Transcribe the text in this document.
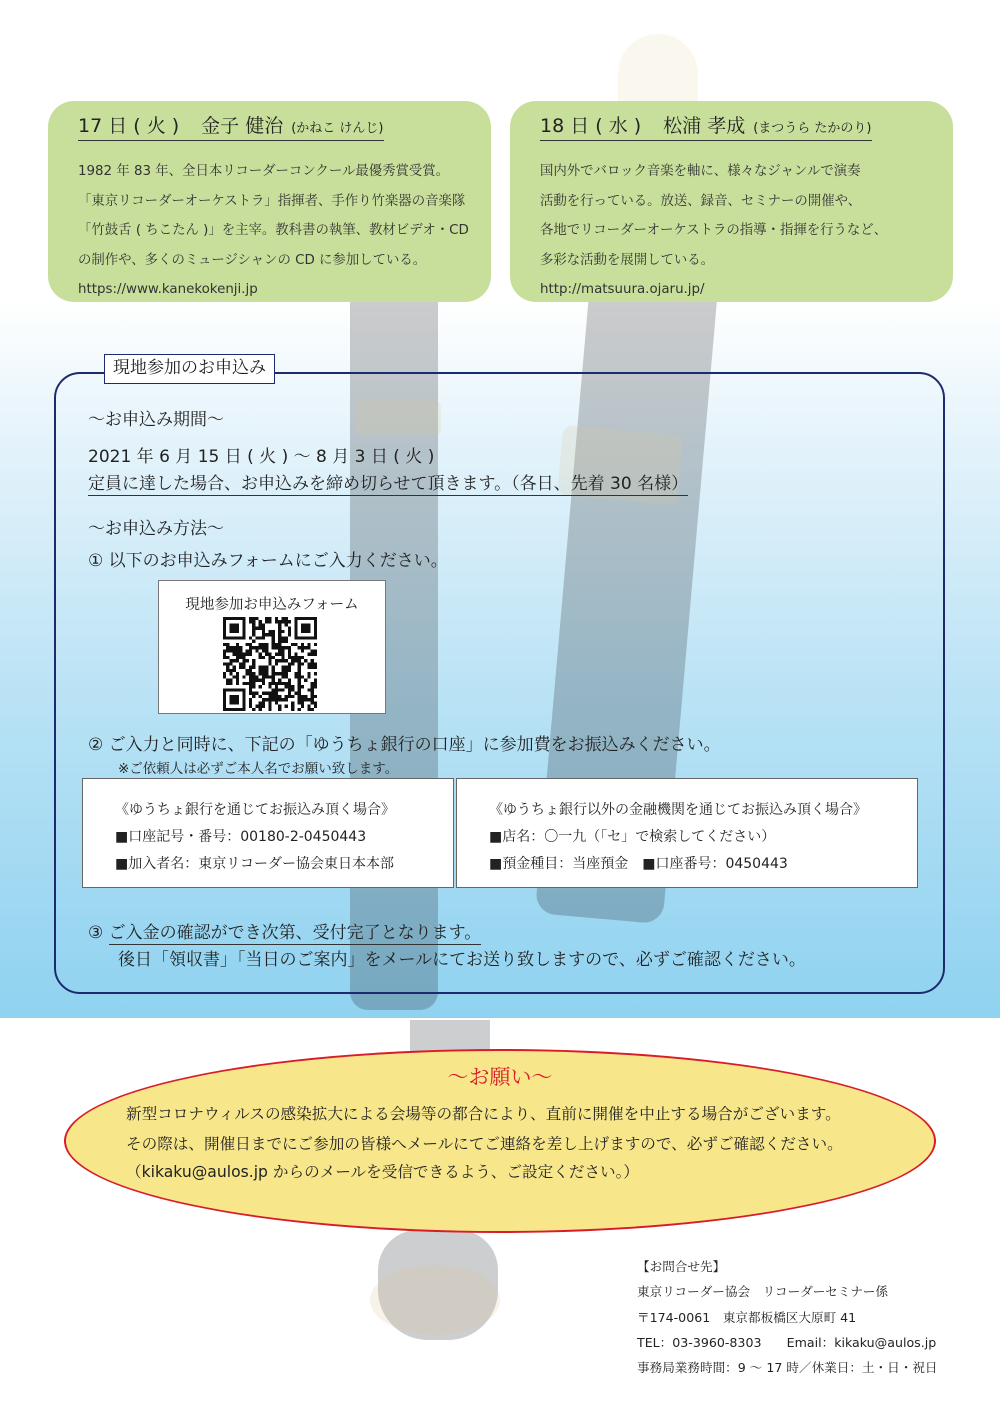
17 日 ( 火 ) 金子 健治 (かねこ けんじ)
1982 年 83 年、全日本リコーダーコンクール最優秀賞受賞。
「東京リコーダーオーケストラ」指揮者、手作り竹楽器の音楽隊
「竹鼓舌 ( ちこたん )」を主宰。教科書の執筆、教材ビデオ・CD
の制作や、多くのミュージシャンの CD に参加している。
https://www.kanekokenji.jp
18 日 ( 水 ) 松浦 孝成 (まつうら たかのり)
国内外でバロック音楽を軸に、様々なジャンルで演奏
活動を行っている。放送、録音、セミナーの開催や、
各地でリコーダーオーケストラの指導・指揮を行うなど、
多彩な活動を展開している。
http://matsuura.ojaru.jp/
現地参加のお申込み
～お申込み期間～
2021 年 6 月 15 日 ( 火 ) ～ 8 月 3 日 ( 火 )
定員に達した場合、お申込みを締め切らせて頂きます。（各日、先着 30 名様）
～お申込み方法～
① 以下のお申込みフォームにご入力ください。
現地参加お申込みフォーム
② ご入力と同時に、下記の「ゆうちょ銀行の口座」に参加費をお振込みください。
※ご依頼人は必ずご本人名でお願い致します。
《ゆうちょ銀行を通じてお振込み頂く場合》
■口座記号・番号：00180-2-0450443
■加入者名：東京リコーダー協会東日本本部
《ゆうちょ銀行以外の金融機関を通じてお振込み頂く場合》
■店名：〇一九（「セ」で検索してください）
■預金種目：当座預金　■口座番号：0450443
③ ご入金の確認ができ次第、受付完了となります。
後日「領収書」「当日のご案内」をメールにてお送り致しますので、必ずご確認ください。
～お願い～
新型コロナウィルスの感染拡大による会場等の都合により、直前に開催を中止する場合がございます。
その際は、開催日までにご参加の皆様へメールにてご連絡を差し上げますので、必ずご確認ください。
（kikaku@aulos.jp からのメールを受信できるよう、ご設定ください。）
【お問合せ先】
東京リコーダー協会　リコーダーセミナー係
〒174-0061　東京都板橋区大原町 41
TEL：03-3960-8303　　Email：kikaku@aulos.jp
事務局業務時間：9 ～ 17 時／休業日：土・日・祝日
